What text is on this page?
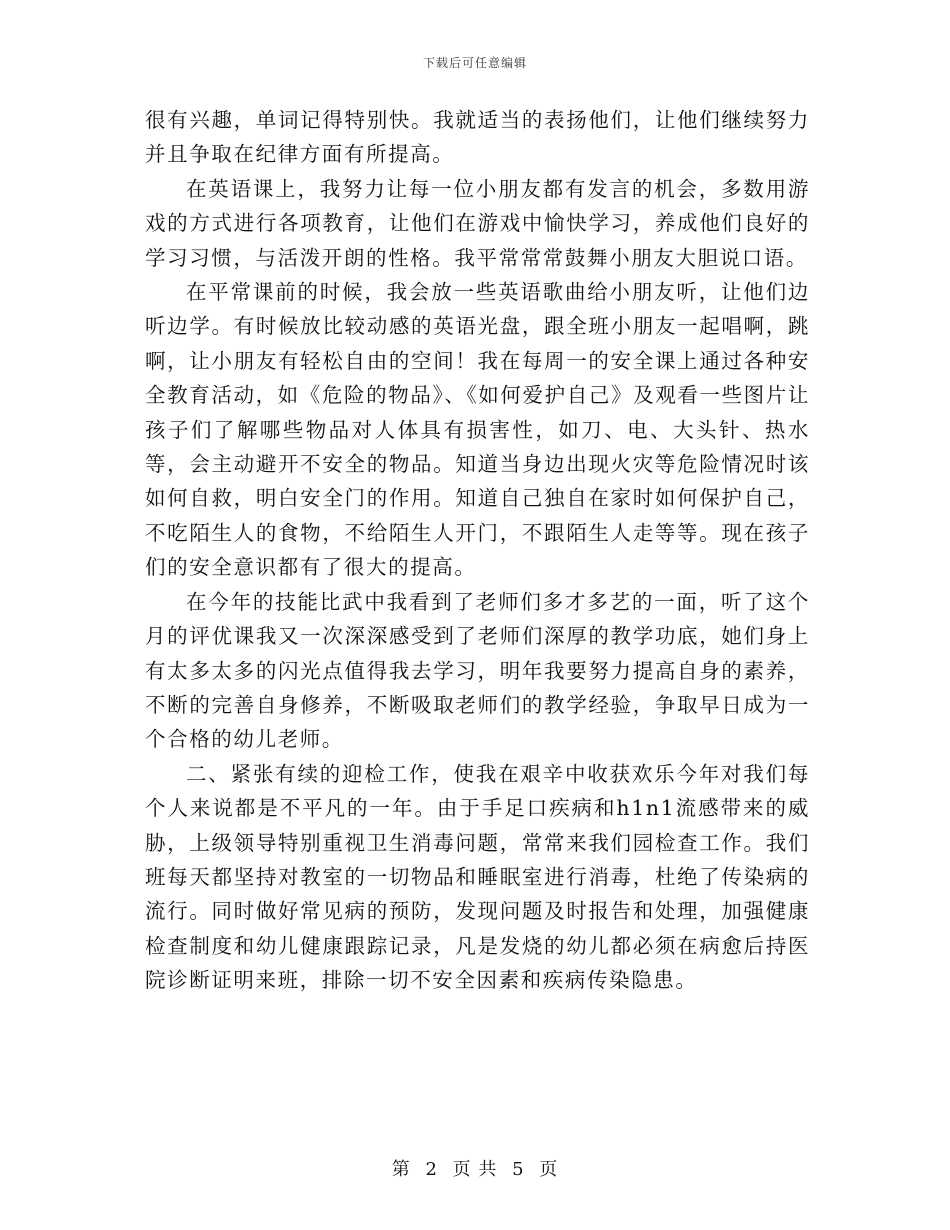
下载后可任意编辑

很有兴趣，单词记得特别快。我就适当的表扬他们，让他们继续努力并且争取在纪律方面有所提高。

在英语课上，我努力让每一位小朋友都有发言的机会，多数用游戏的方式进行各项教育，让他们在游戏中愉快学习，养成他们良好的学习习惯，与活泼开朗的性格。我平常常常鼓舞小朋友大胆说口语。

在平常课前的时候，我会放一些英语歌曲给小朋友听，让他们边听边学。有时候放比较动感的英语光盘，跟全班小朋友一起唱啊，跳啊，让小朋友有轻松自由的空间！我在每周一的安全课上通过各种安全教育活动，如《危险的物品》、《如何爱护自己》及观看一些图片让孩子们了解哪些物品对人体具有损害性，如刀、电、大头针、热水等，会主动避开不安全的物品。知道当身边出现火灾等危险情况时该如何自救，明白安全门的作用。知道自己独自在家时如何保护自己，不吃陌生人的食物，不给陌生人开门，不跟陌生人走等等。现在孩子们的安全意识都有了很大的提高。

在今年的技能比武中我看到了老师们多才多艺的一面，听了这个月的评优课我又一次深深感受到了老师们深厚的教学功底，她们身上有太多太多的闪光点值得我去学习，明年我要努力提高自身的素养，不断的完善自身修养，不断吸取老师们的教学经验，争取早日成为一个合格的幼儿老师。

二、紧张有续的迎检工作，使我在艰辛中收获欢乐今年对我们每个人来说都是不平凡的一年。由于手足口疾病和h1n1流感带来的威胁，上级领导特别重视卫生消毒问题，常常来我们园检查工作。我们班每天都坚持对教室的一切物品和睡眠室进行消毒，杜绝了传染病的流行。同时做好常见病的预防，发现问题及时报告和处理，加强健康检查制度和幼儿健康跟踪记录，凡是发烧的幼儿都必须在病愈后持医院诊断证明来班，排除一切不安全因素和疾病传染隐患。

第 2 页 共 5 页
